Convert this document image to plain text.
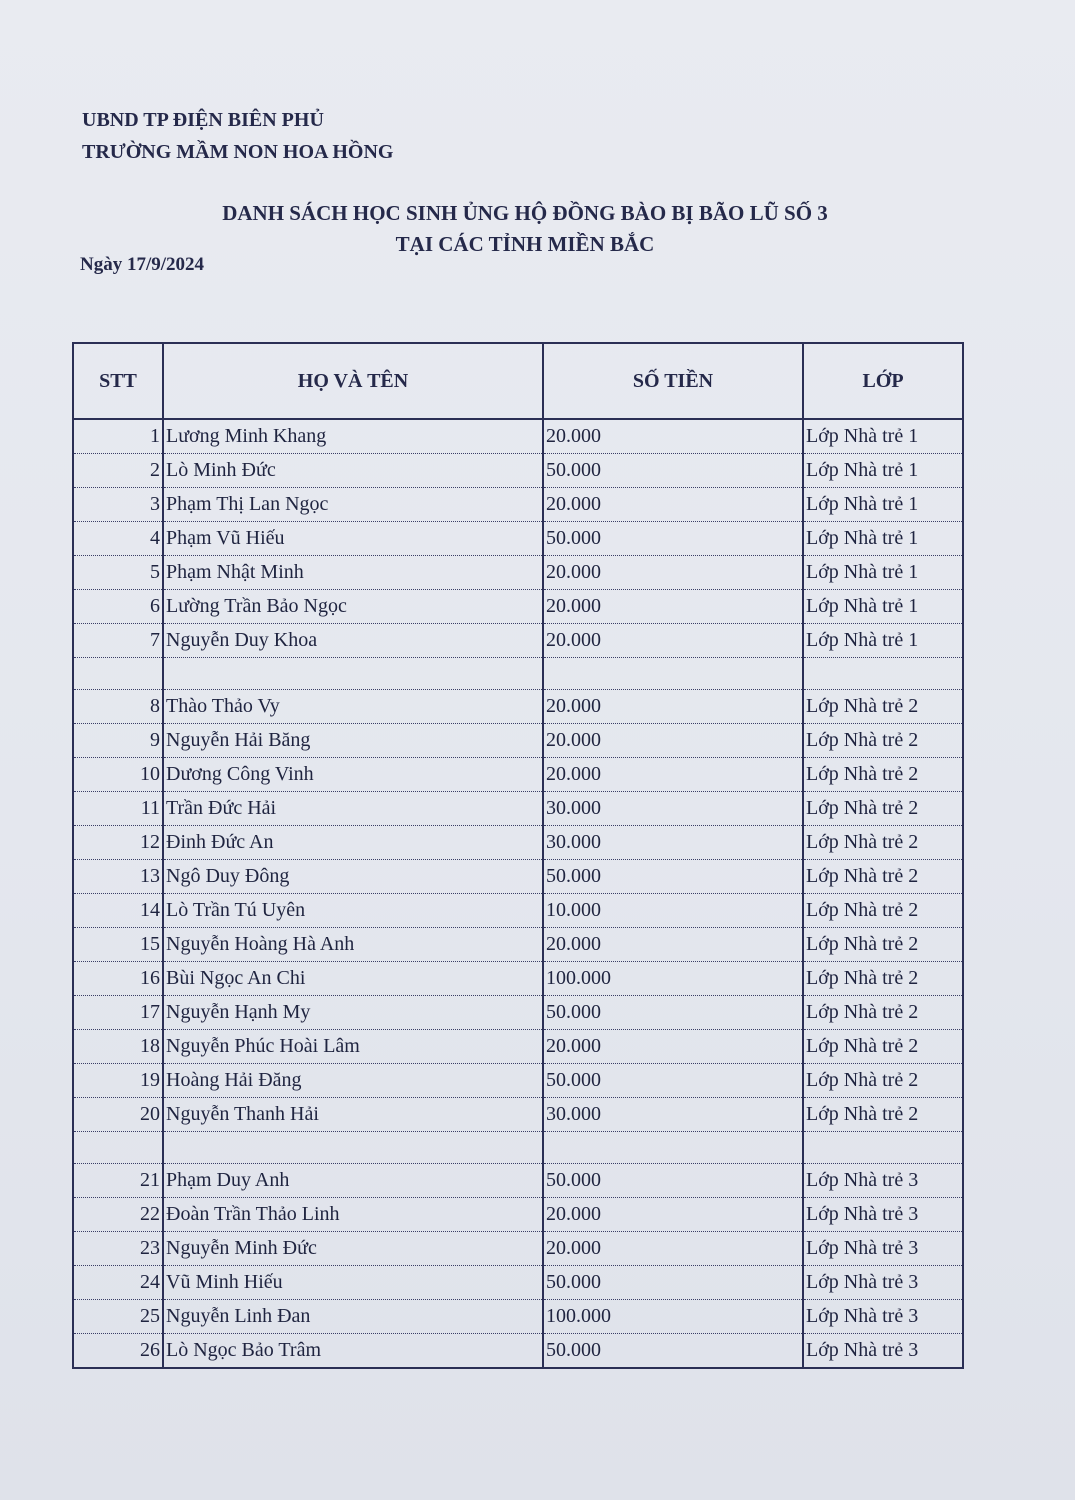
UBND TP ĐIỆN BIÊN PHỦ
TRƯỜNG MẦM NON HOA HỒNG
DANH SÁCH HỌC SINH ỦNG HỘ ĐỒNG BÀO BỊ BÃO LŨ SỐ 3
TẠI CÁC TỈNH MIỀN BẮC
Ngày 17/9/2024
STT	HỌ VÀ TÊN	SỐ TIỀN	LỚP
1	Lương Minh Khang	20.000	Lớp Nhà trẻ 1
2	Lò Minh Đức	50.000	Lớp Nhà trẻ 1
3	Phạm Thị Lan Ngọc	20.000	Lớp Nhà trẻ 1
4	Phạm Vũ Hiếu	50.000	Lớp Nhà trẻ 1
5	Phạm Nhật Minh	20.000	Lớp Nhà trẻ 1
6	Lường Trần Bảo Ngọc	20.000	Lớp Nhà trẻ 1
7	Nguyễn Duy Khoa	20.000	Lớp Nhà trẻ 1

8	Thào Thảo Vy	20.000	Lớp Nhà trẻ 2
9	Nguyễn Hải Băng	20.000	Lớp Nhà trẻ 2
10	Dương Công Vinh	20.000	Lớp Nhà trẻ 2
11	Trần Đức Hải	30.000	Lớp Nhà trẻ 2
12	Đinh Đức An	30.000	Lớp Nhà trẻ 2
13	Ngô Duy Đông	50.000	Lớp Nhà trẻ 2
14	Lò Trần Tú Uyên	10.000	Lớp Nhà trẻ 2
15	Nguyễn Hoàng Hà Anh	20.000	Lớp Nhà trẻ 2
16	Bùi Ngọc An Chi	100.000	Lớp Nhà trẻ 2
17	Nguyễn Hạnh My	50.000	Lớp Nhà trẻ 2
18	Nguyễn Phúc Hoài Lâm	20.000	Lớp Nhà trẻ 2
19	Hoàng Hải Đăng	50.000	Lớp Nhà trẻ 2
20	Nguyễn Thanh Hải	30.000	Lớp Nhà trẻ 2

21	Phạm Duy Anh	50.000	Lớp Nhà trẻ 3
22	Đoàn Trần Thảo Linh	20.000	Lớp Nhà trẻ 3
23	Nguyễn Minh Đức	20.000	Lớp Nhà trẻ 3
24	Vũ Minh Hiếu	50.000	Lớp Nhà trẻ 3
25	Nguyễn Linh Đan	100.000	Lớp Nhà trẻ 3
26	Lò Ngọc Bảo Trâm	50.000	Lớp Nhà trẻ 3
